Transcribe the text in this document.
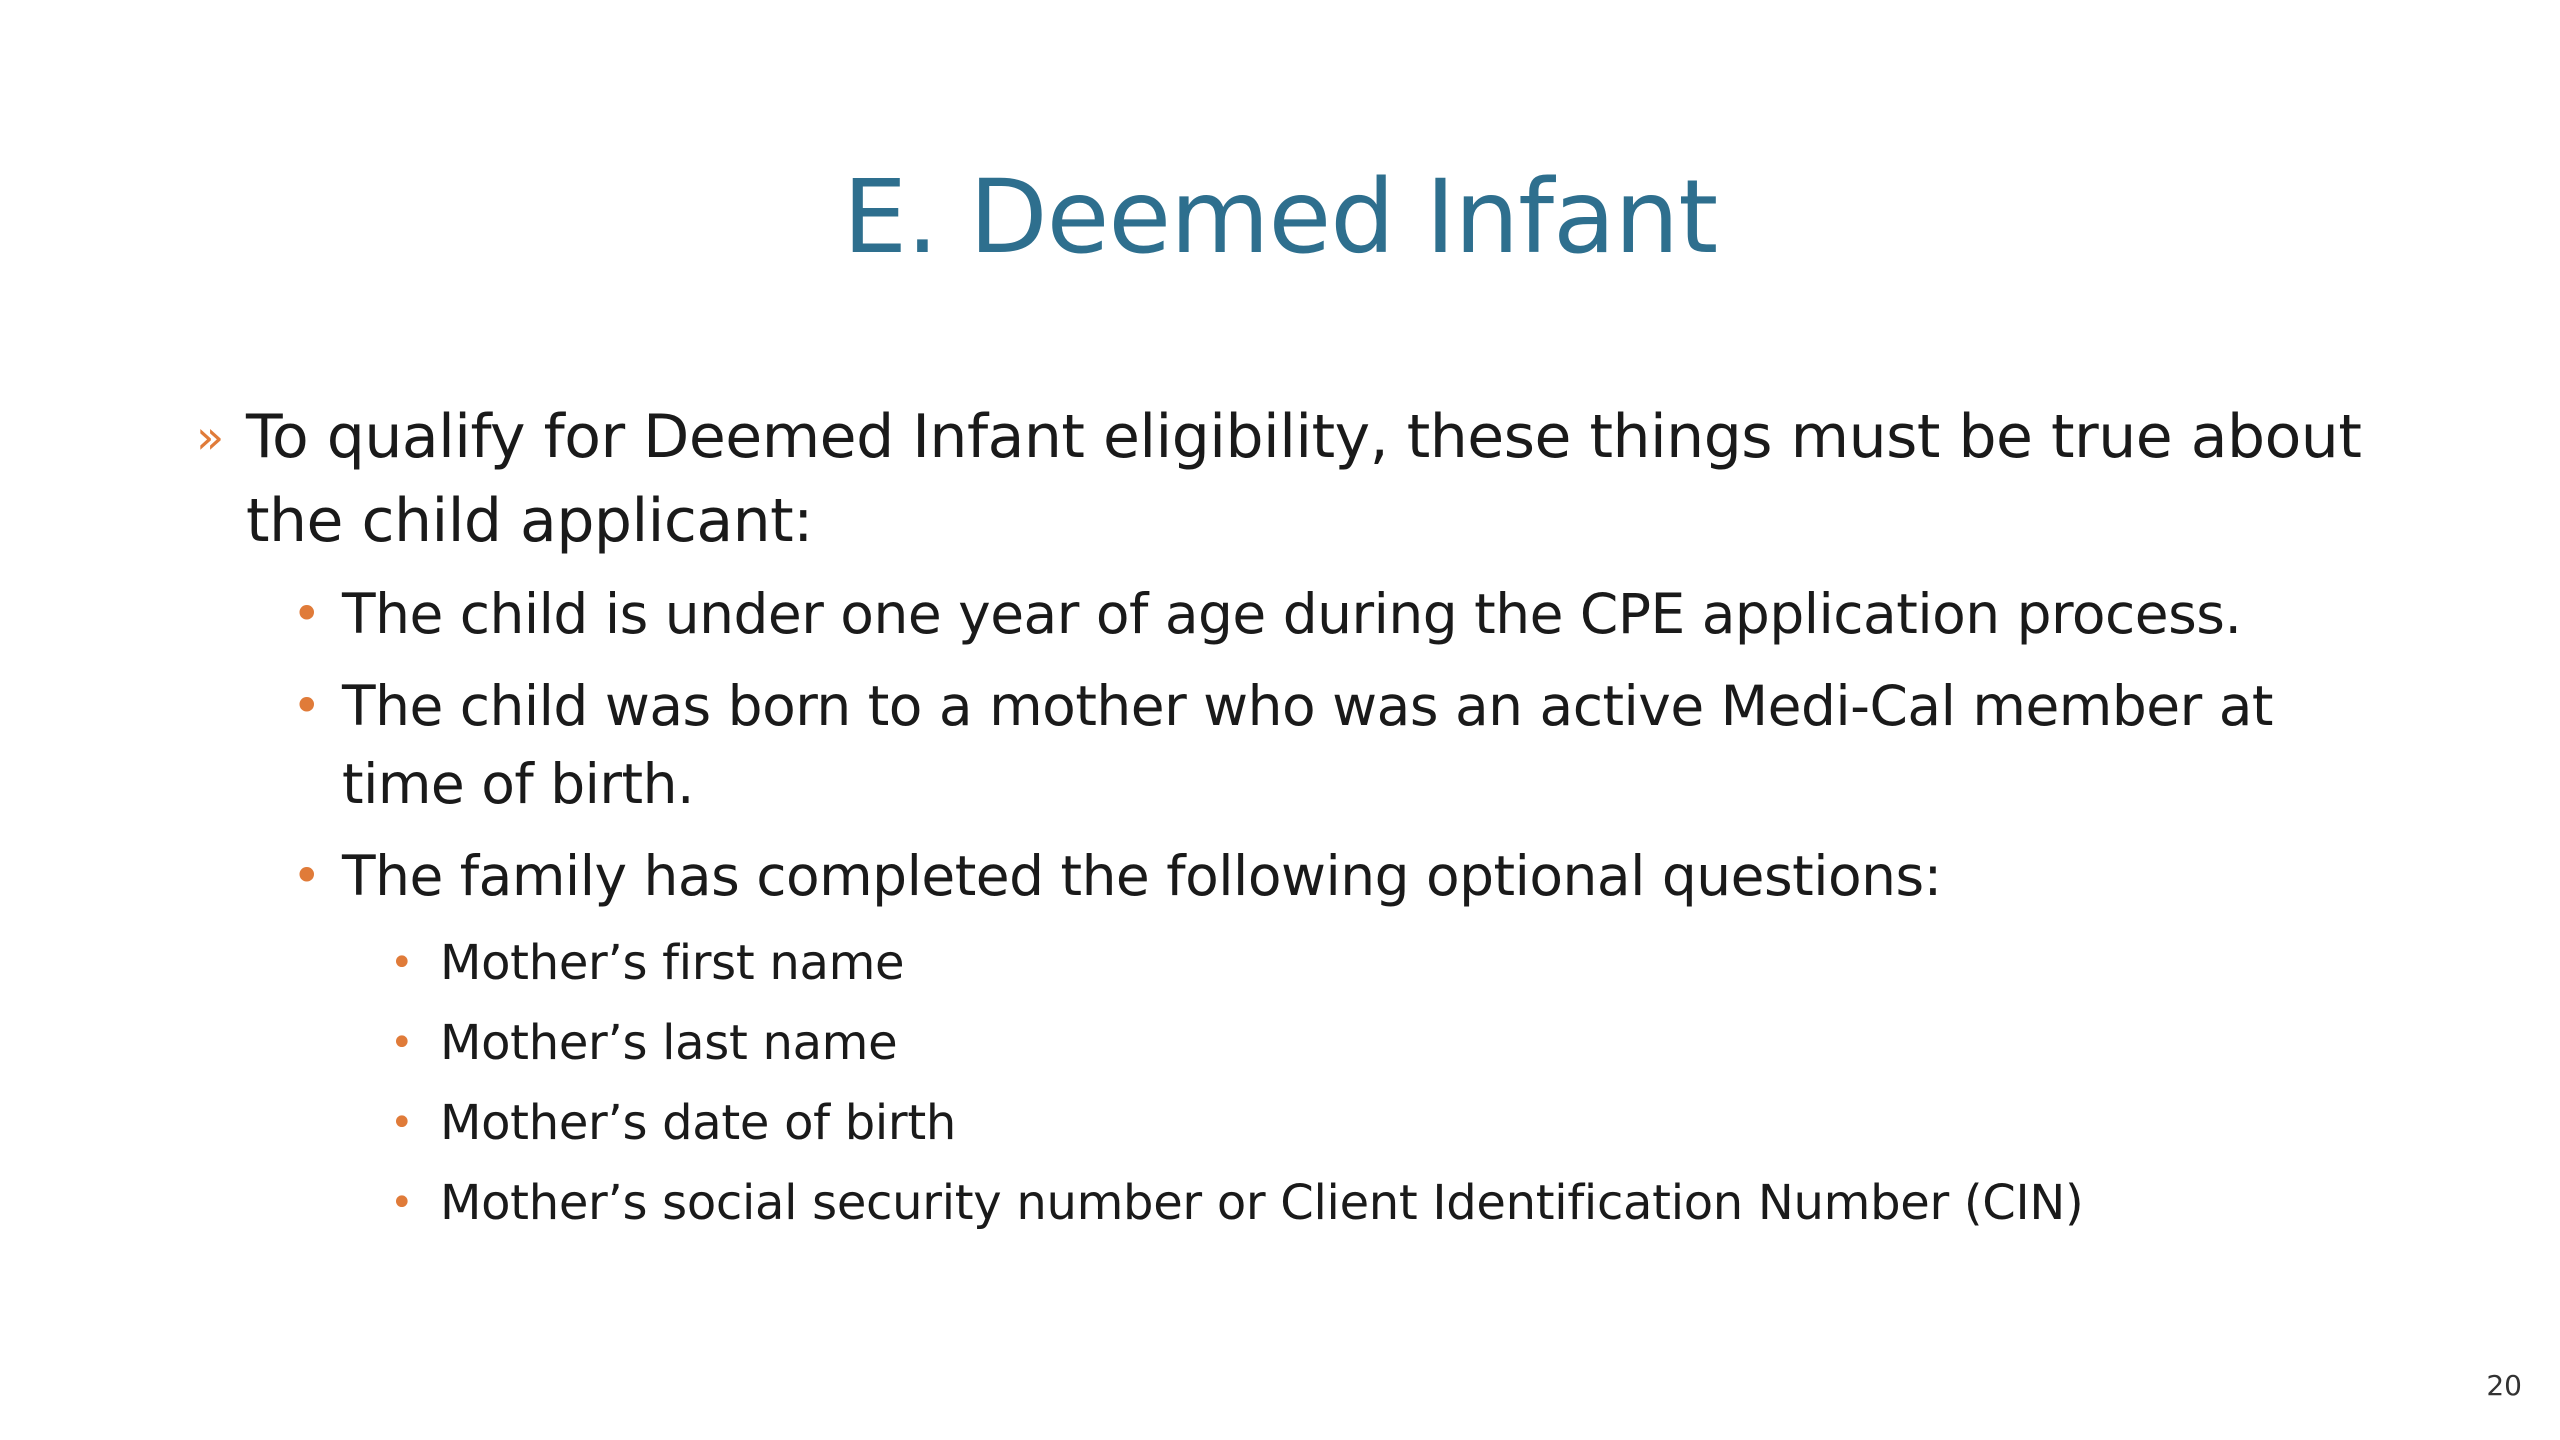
E. Deemed Infant
» To qualify for Deemed Infant eligibility, these things must be true about the child applicant:
• The child is under one year of age during the CPE application process.
• The child was born to a mother who was an active Medi-Cal member at time of birth.
• The family has completed the following optional questions:
• Mother’s first name
• Mother’s last name
• Mother’s date of birth
• Mother’s social security number or Client Identification Number (CIN)
20
